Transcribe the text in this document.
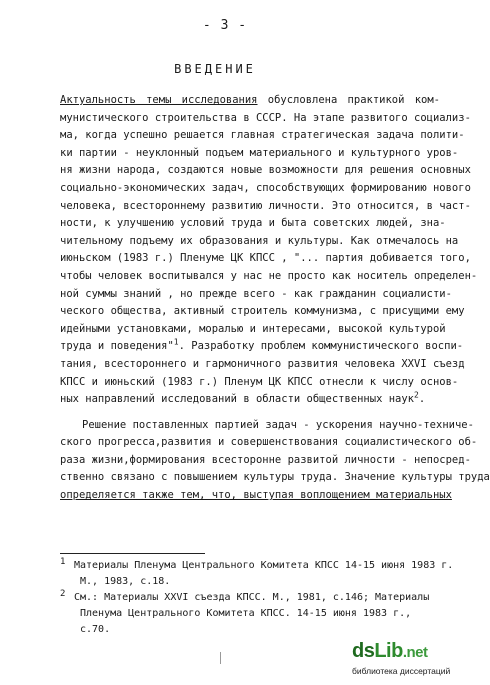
- 3 -
ВВЕДЕНИЕ
Актуальность темы исследования обусловлена практикой ком-
мунистического строительства в СССР. На этапе развитого социализ-
ма, когда успешно решается главная стратегическая задача полити-
ки партии - неуклонный подъем материального и культурного уров-
ня жизни народа, создаются новые возможности для решения основных
социально-экономических задач, способствующих формированию нового
человека, всестороннему развитию личности. Это относится, в част-
ности, к улучшению условий труда и быта советских людей, зна-
чительному подъему их образования и культуры. Как отмечалось на
июньском (1983 г.) Пленуме ЦК КПСС , "... партия добивается того,
чтобы человек воспитывался у нас не просто как носитель определен-
ной суммы знаний , но прежде всего - как гражданин социалисти-
ческого общества, активный строитель коммунизма, с присущими ему
идейными установками, моралью и интересами, высокой культурой
труда и поведения"$^1$. Разработку проблем коммунистического воспи-
тания, всестороннего и гармоничного развития человека XXVI съезд
КПСС и июньский (1983 г.) Пленум ЦК КПСС отнесли к числу основ-
ных направлений исследований в области общественных наук$^2$.
Решение поставленных партией задач - ускорения научно-техниче-
ского прогресса,развития и совершенствования социалистического об-
раза жизни,формирования всесторонне развитой личности - непосред-
ственно связано с повышением культуры труда. Значение культуры труда
определяется также тем, что, выступая воплощением материальных
1 Материалы Пленума Центрального Комитета КПСС 14-15 июня 1983 г.
М., 1983, с.18.
2 См.: Материалы XXVI съезда КПСС. М., 1981, с.146; Материалы
Пленума Центрального Комитета КПСС. 14-15 июня 1983 г.,
с.70.
dsLib.net
библиотека диссертаций
